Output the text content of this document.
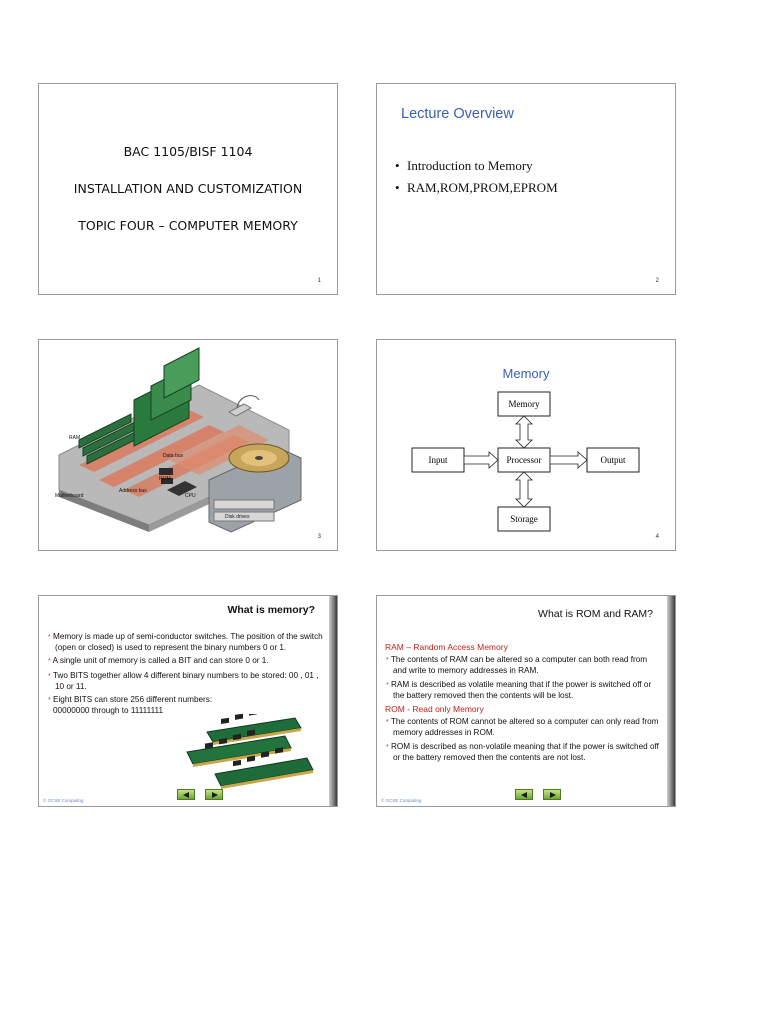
BAC 1105/BISF 1104
INSTALLATION AND CUSTOMIZATION
TOPIC FOUR – COMPUTER MEMORY
1
Lecture Overview
• Introduction to Memory
• RAM,ROM,PROM,EPROM
2
RAM
Data bus
ROM
Address bus
CPU
Motherboard
Disk drives
3
Memory
Memory
Input	Processor	Output
Storage
4
What is memory?

* Memory is made up of semi-conductor switches. The position of the switch (open or closed) is used to represent the binary numbers 0 or 1.

* A single unit of memory is called a BIT and can store 0 or 1.

* Two BITS together allow 4 different binary numbers to be stored: 00 , 01 , 10 or 11.

* Eight BITS can store 256 different numbers:

00000000 through to 11111111
© GCSE Computing
What is ROM and RAM?
RAM – Random Access Memory

* The contents of RAM can be altered so a computer can both read from and write to memory addresses in RAM.

* RAM is described as volatile meaning that if the power is switched off or the battery removed then the contents will be lost.

ROM - Read only Memory

* The contents of ROM cannot be altered so a computer can only read from memory addresses in ROM.

* ROM is described as non-volatile meaning that if the power is switched off or the battery removed then the contents are not lost.

© GCSE Computing
